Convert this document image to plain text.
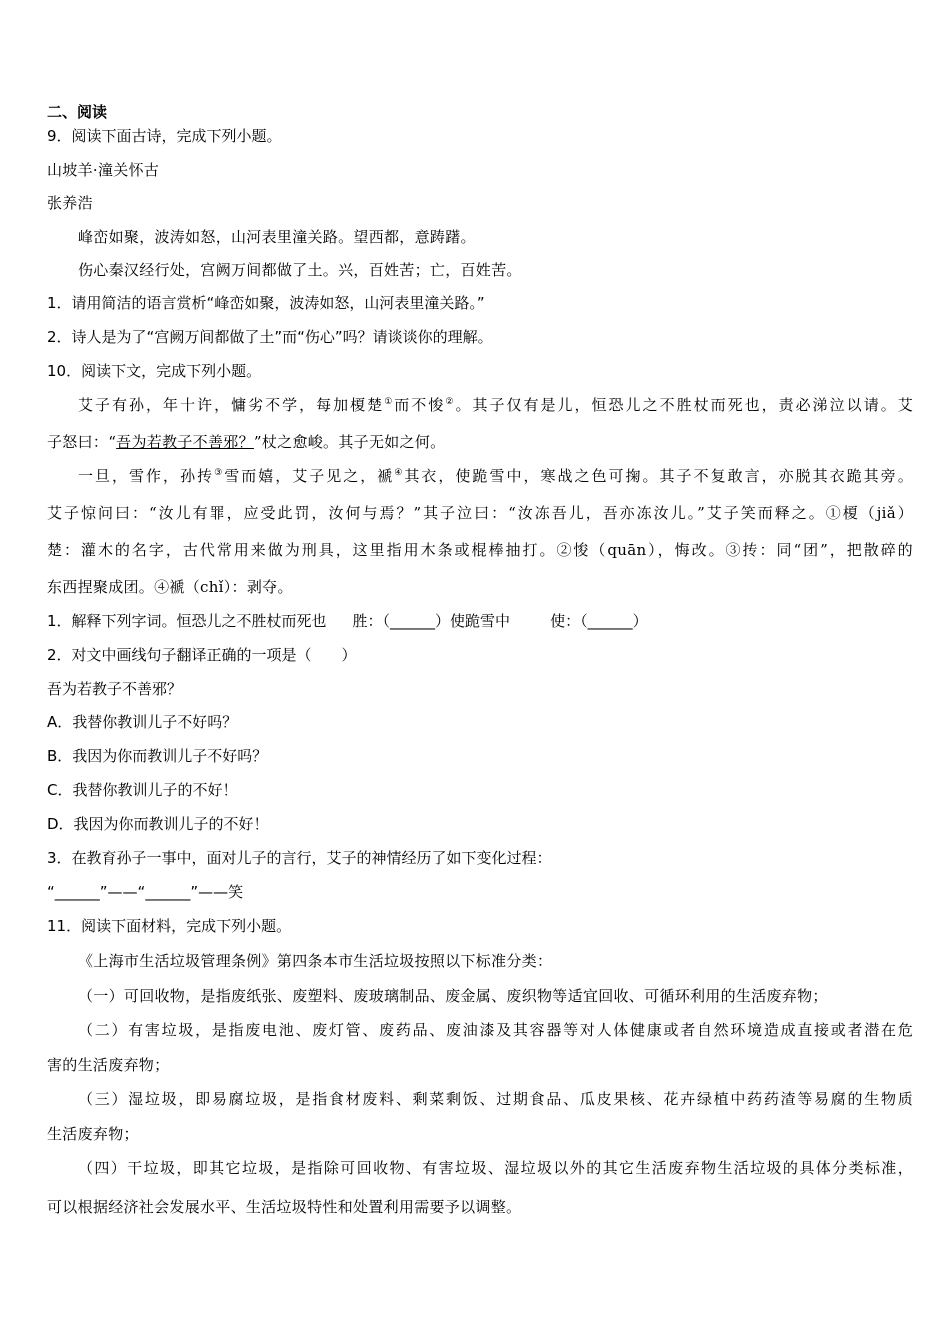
二、阅读
9．阅读下面古诗，完成下列小题。
山坡羊·潼关怀古
张养浩
峰峦如聚，波涛如怒，山河表里潼关路。望西都，意踌躇。
伤心秦汉经行处，宫阙万间都做了土。兴，百姓苦；亡，百姓苦。
1．请用简洁的语言赏析“峰峦如聚，波涛如怒，山河表里潼关路。”
2．诗人是为了“宫阙万间都做了土”而“伤心”吗？请谈谈你的理解。
10．阅读下文，完成下列小题。
艾子有孙，年十许，慵劣不学，每加榎楚①而不悛②。其子仅有是儿，恒恐儿之不胜杖而死也，责必涕泣以请。艾
子怒曰：“吾为若教子不善邪？”杖之愈峻。其子无如之何。
一旦，雪作，孙抟③雪而嬉，艾子见之，褫④其衣，使跪雪中，寒战之色可掬。其子不复敢言，亦脱其衣跪其旁。
艾子惊问曰：“汝儿有罪，应受此罚，汝何与焉？”其子泣曰：“汝冻吾儿，吾亦冻汝儿。”艾子笑而释之。①榎（jiǎ）
楚：灌木的名字，古代常用来做为刑具，这里指用木条或棍棒抽打。②悛（quān），悔改。③抟：同“团”，把散碎的
东西捏聚成团。④褫（chǐ）：剥夺。
1．解释下列字词。恒恐儿之不胜杖而死也 胜：（______）使跪雪中	使：（______）
2．对文中画线句子翻译正确的一项是（　　）
吾为若教子不善邪？
A．我替你教训儿子不好吗？
B．我因为你而教训儿子不好吗？
C．我替你教训儿子的不好！
D．我因为你而教训儿子的不好！
3．在教育孙子一事中，面对儿子的言行，艾子的神情经历了如下变化过程：
“______”——“______”——笑
11．阅读下面材料，完成下列小题。
《上海市生活垃圾管理条例》第四条本市生活垃圾按照以下标准分类：
（一）可回收物，是指废纸张、废塑料、废玻璃制品、废金属、废织物等适宜回收、可循环利用的生活废弃物；
（二）有害垃圾，是指废电池、废灯管、废药品、废油漆及其容器等对人体健康或者自然环境造成直接或者潜在危
害的生活废弃物；
（三）湿垃圾，即易腐垃圾，是指食材废料、剩菜剩饭、过期食品、瓜皮果核、花卉绿植中药药渣等易腐的生物质
生活废弃物；
（四）干垃圾，即其它垃圾，是指除可回收物、有害垃圾、湿垃圾以外的其它生活废弃物生活垃圾的具体分类标准，
可以根据经济社会发展水平、生活垃圾特性和处置利用需要予以调整。
